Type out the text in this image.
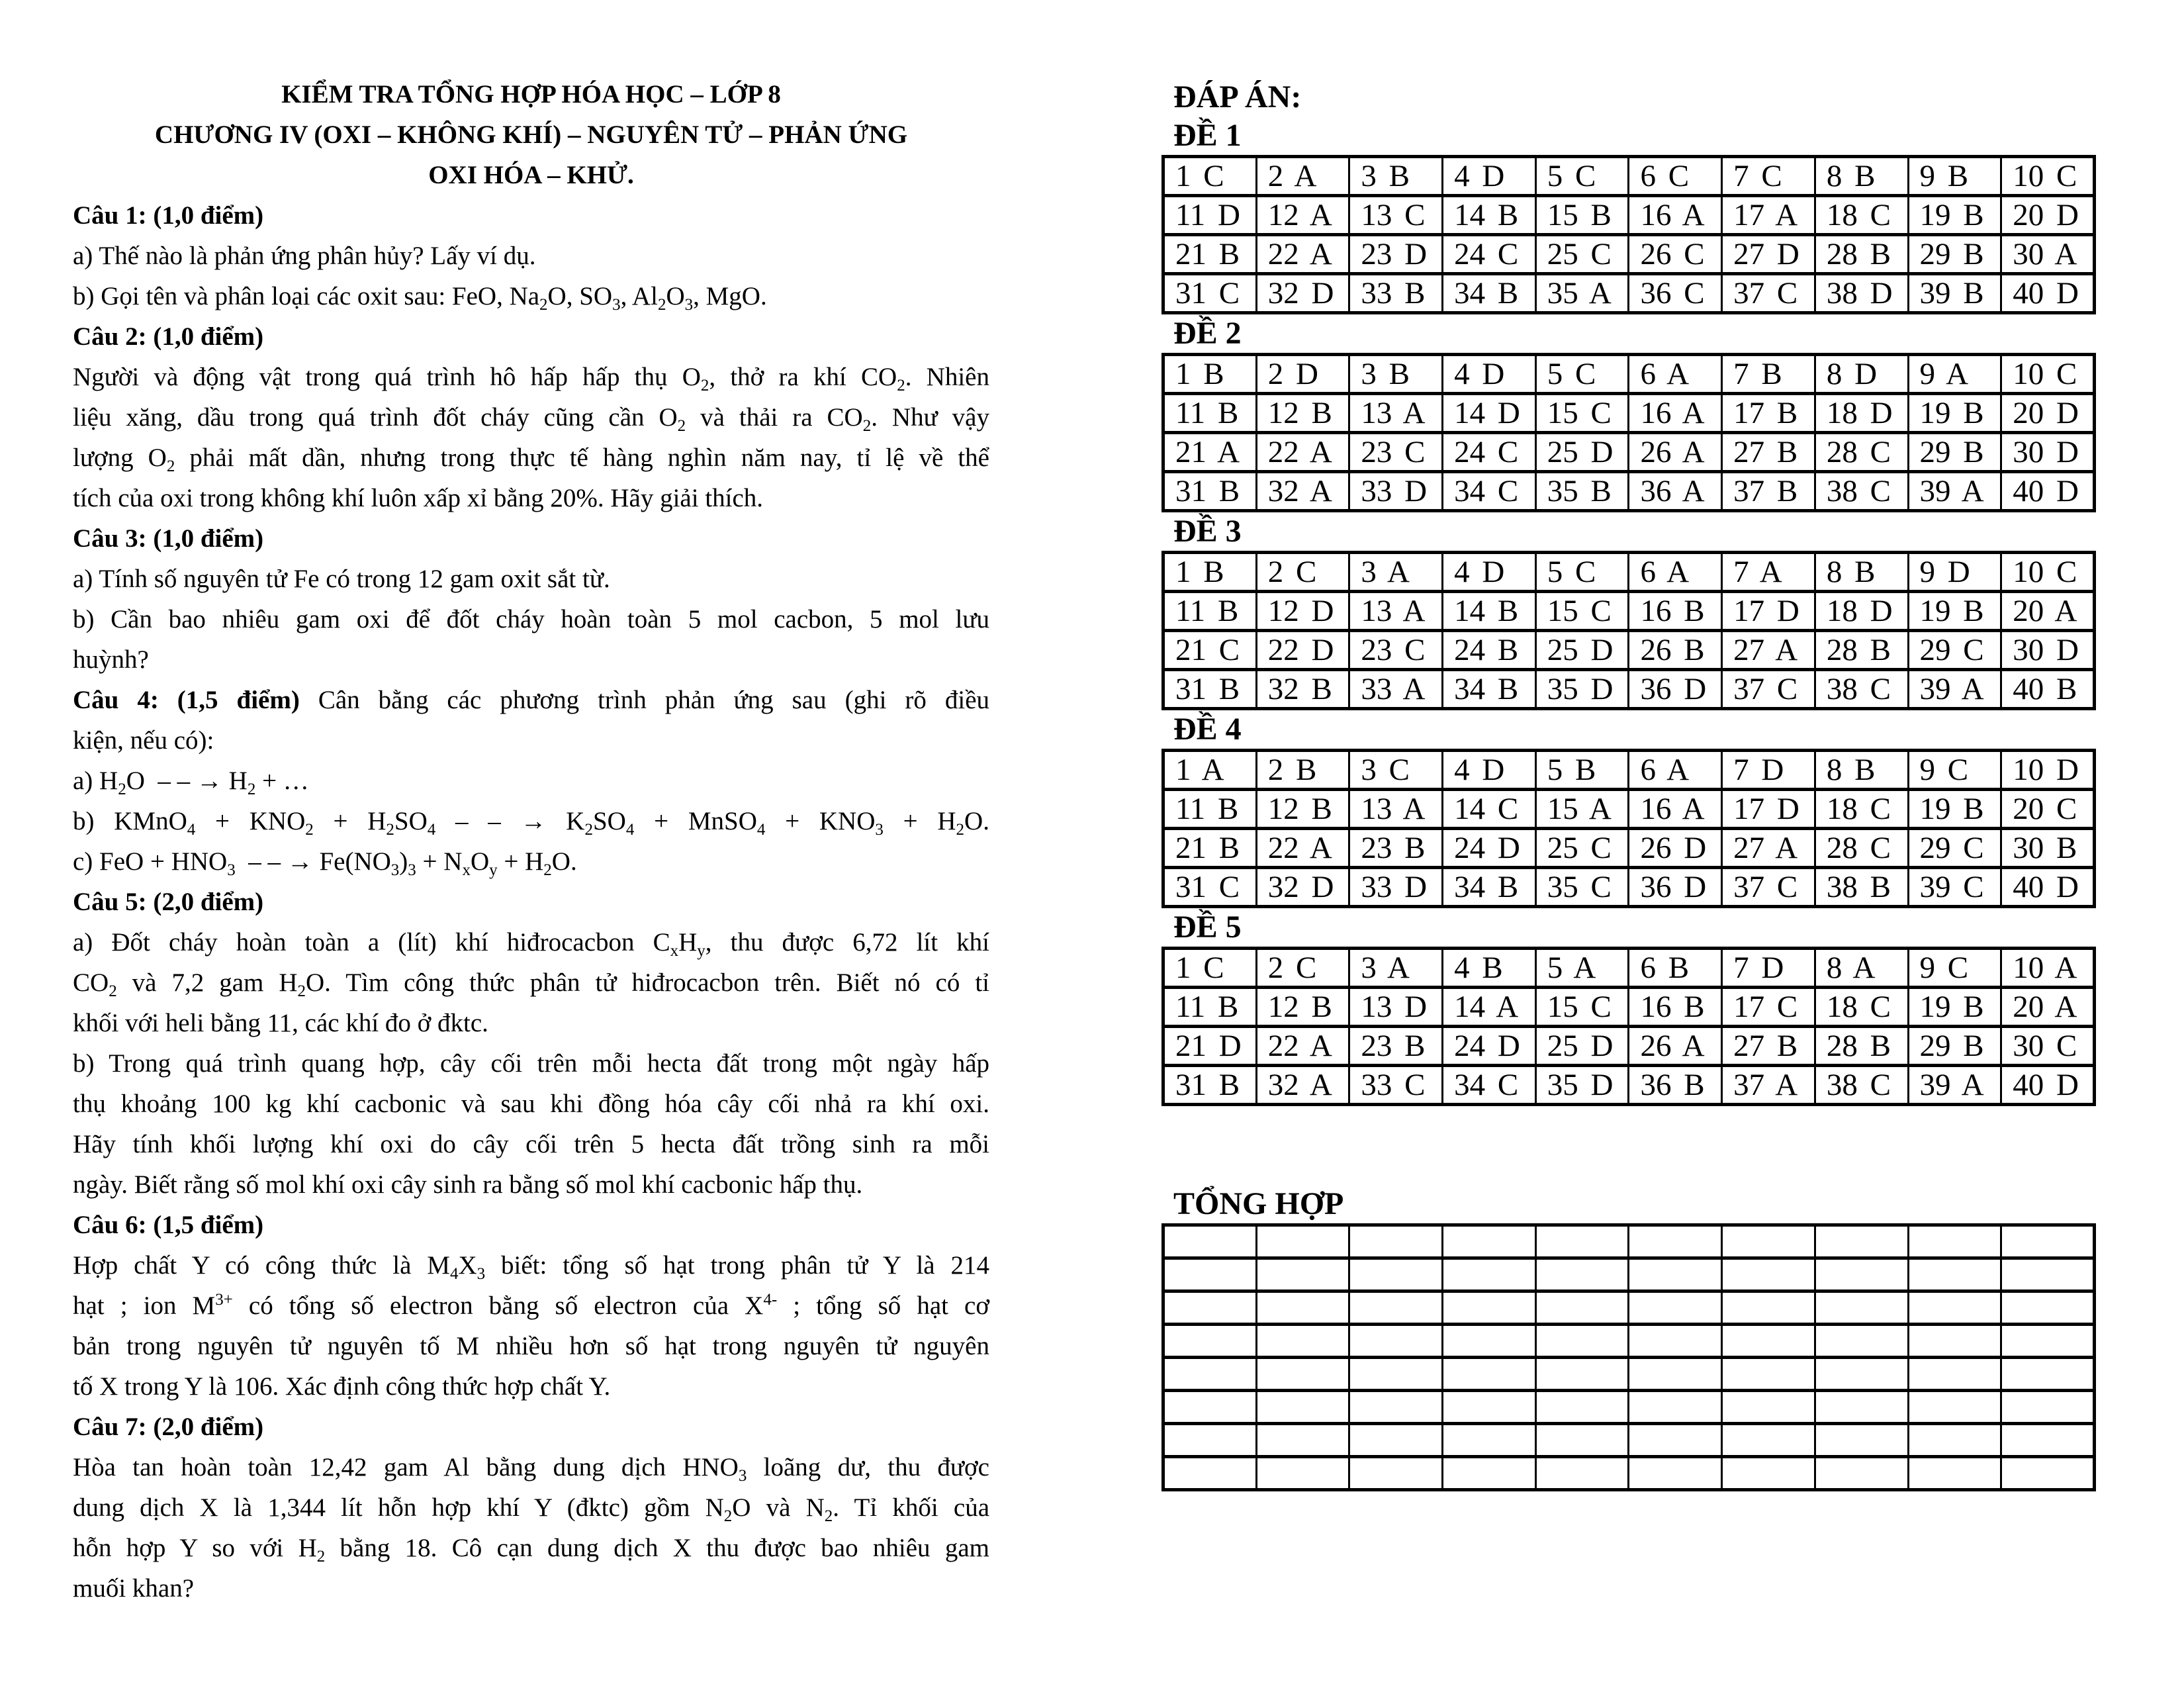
KIỂM TRA TỔNG HỢP HÓA HỌC – LỚP 8
CHƯƠNG IV (OXI – KHÔNG KHÍ) – NGUYÊN TỬ – PHẢN ỨNG
OXI HÓA – KHỬ.
Câu 1: (1,0 điểm)
a) Thế nào là phản ứng phân hủy? Lấy ví dụ.
b) Gọi tên và phân loại các oxit sau: FeO, $Na_2O$, $SO_3$, $Al_2O_3$, MgO.
Câu 2: (1,0 điểm)
Người và động vật trong quá trình hô hấp hấp thụ $O_2$, thở ra khí $CO_2$. Nhiên
liệu xăng, dầu trong quá trình đốt cháy cũng cần $O_2$ và thải ra $CO_2$. Như vậy
lượng $O_2$ phải mất dần, nhưng trong thực tế hàng nghìn năm nay, tỉ lệ về thể
tích của oxi trong không khí luôn xấp xỉ bằng 20%. Hãy giải thích.
Câu 3: (1,0 điểm)
a) Tính số nguyên tử Fe có trong 12 gam oxit sắt từ.
b) Cần bao nhiêu gam oxi để đốt cháy hoàn toàn 5 mol cacbon, 5 mol lưu
huỳnh?
Câu 4: (1,5 điểm) Cân bằng các phương trình phản ứng sau (ghi rõ điều
kiện, nếu có):
a) $H_2O$  – – → $H_2$ + …
b) KMnO$_4$ + $KNO_2 + H_2SO_4$ – – → $K_2SO_4$ + MnSO$_4$ + $KNO_3 + H_2O$.
c) FeO + $HNO_3$  – – → $Fe(NO_3)_3 + N_xO_y + H_2O$.
Câu 5: (2,0 điểm)
a) Đốt cháy hoàn toàn a (lít) khí hiđrocacbon $C_xH_y$, thu được 6,72 lít khí
$CO_2$ và 7,2 gam $H_2O$. Tìm công thức phân tử hiđrocacbon trên. Biết nó có tỉ
khối với heli bằng 11, các khí đo ở đktc.
b) Trong quá trình quang hợp, cây cối trên mỗi hecta đất trong một ngày hấp
thụ khoảng 100 kg khí cacbonic và sau khi đồng hóa cây cối nhả ra khí oxi.
Hãy tính khối lượng khí oxi do cây cối trên 5 hecta đất trồng sinh ra mỗi
ngày. Biết rằng số mol khí oxi cây sinh ra bằng số mol khí cacbonic hấp thụ.
Câu 6: (1,5 điểm)
Hợp chất Y có công thức là $M_4X_3$ biết: tổng số hạt trong phân tử Y là 214
hạt ; ion $M^{3+}$ có tổng số electron bằng số electron của $X^{4-}$ ; tổng số hạt cơ
bản trong nguyên tử nguyên tố M nhiều hơn số hạt trong nguyên tử nguyên
tố X trong Y là 106. Xác định công thức hợp chất Y.
Câu 7: (2,0 điểm)
Hòa tan hoàn toàn 12,42 gam Al bằng dung dịch $HNO_3$ loãng dư, thu được
dung dịch X là 1,344 lít hỗn hợp khí Y (đktc) gồm $N_2O$ và $N_2$. Tỉ khối của
hỗn hợp Y so với $H_2$ bằng 18. Cô cạn dung dịch X thu được bao nhiêu gam
muối khan?
ĐÁP ÁN:
ĐỀ 1
1 C	2 A	3 B	4 D	5 C	6 C	7 C	8 B	9 B	10 C
11 D	12 A	13 C	14 B	15 B	16 A	17 A	18 C	19 B	20 D
21 B	22 A	23 D	24 C	25 C	26 C	27 D	28 B	29 B	30 A
31 C	32 D	33 B	34 B	35 A	36 C	37 C	38 D	39 B	40 D
ĐỀ 2
1 B	2 D	3 B	4 D	5 C	6 A	7 B	8 D	9 A	10 C
11 B	12 B	13 A	14 D	15 C	16 A	17 B	18 D	19 B	20 D
21 A	22 A	23 C	24 C	25 D	26 A	27 B	28 C	29 B	30 D
31 B	32 A	33 D	34 C	35 B	36 A	37 B	38 C	39 A	40 D
ĐỀ 3
1 B	2 C	3 A	4 D	5 C	6 A	7 A	8 B	9 D	10 C
11 B	12 D	13 A	14 B	15 C	16 B	17 D	18 D	19 B	20 A
21 C	22 D	23 C	24 B	25 D	26 B	27 A	28 B	29 C	30 D
31 B	32 B	33 A	34 B	35 D	36 D	37 C	38 C	39 A	40 B
ĐỀ 4
1 A	2 B	3 C	4 D	5 B	6 A	7 D	8 B	9 C	10 D
11 B	12 B	13 A	14 C	15 A	16 A	17 D	18 C	19 B	20 C
21 B	22 A	23 B	24 D	25 C	26 D	27 A	28 C	29 C	30 B
31 C	32 D	33 D	34 B	35 C	36 D	37 C	38 B	39 C	40 D
ĐỀ 5
1 C	2 C	3 A	4 B	5 A	6 B	7 D	8 A	9 C	10 A
11 B	12 B	13 D	14 A	15 C	16 B	17 C	18 C	19 B	20 A
21 D	22 A	23 B	24 D	25 D	26 A	27 B	28 B	29 B	30 C
31 B	32 A	33 C	34 C	35 D	36 B	37 A	38 C	39 A	40 D
TỔNG HỢP
